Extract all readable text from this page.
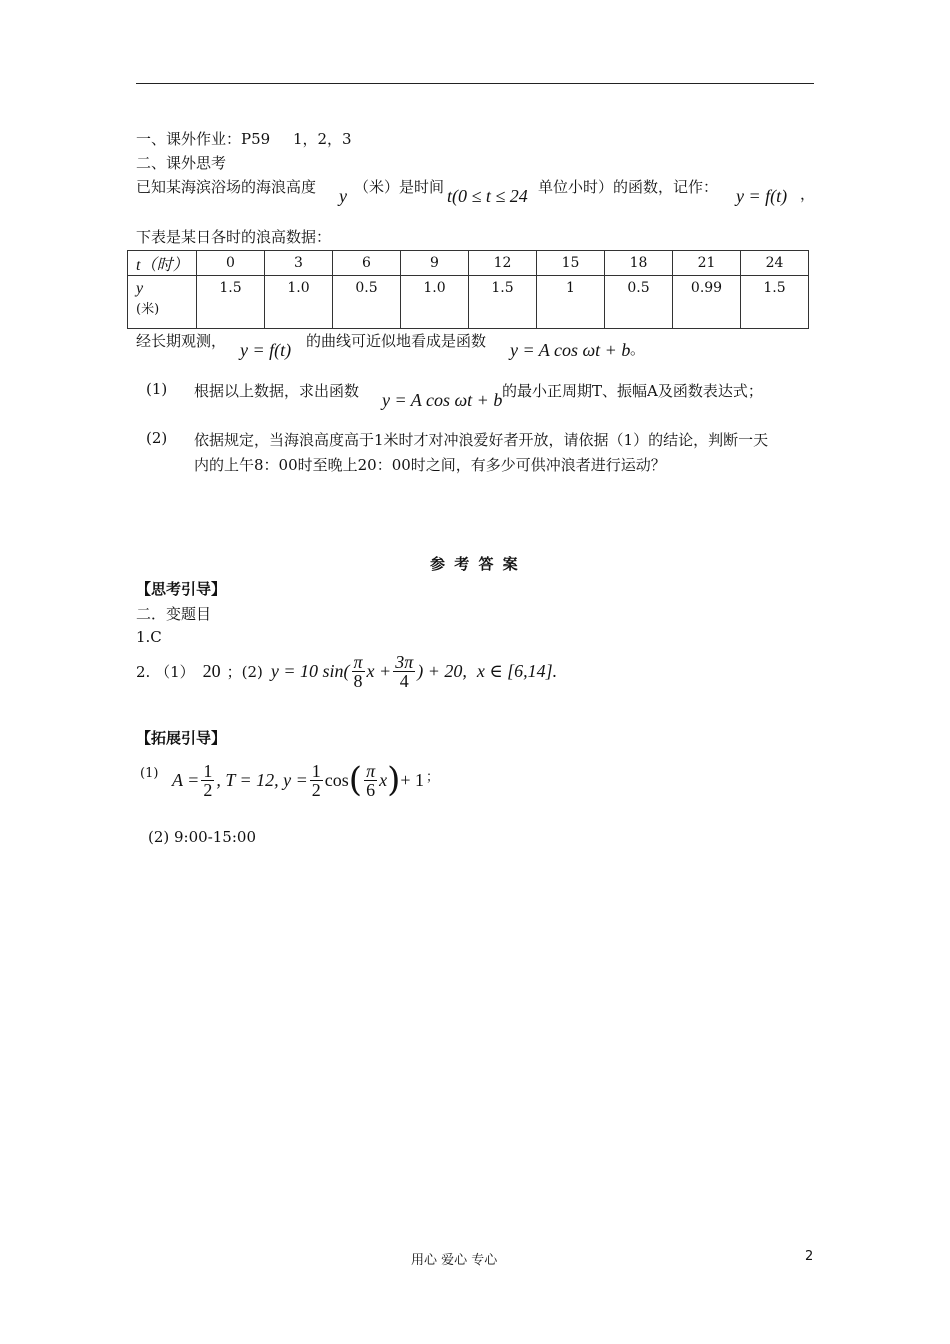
一、课外作业：P59 1，2，3
二、课外思考
已知某海滨浴场的海浪高度 y （米）是时间 t(0 ≤ t ≤ 24 单位小时）的函数，记作： y = f(t) ，
下表是某日各时的浪高数据：
t（时）	0	3	6	9	12	15	18	21	24

y
(米)	1.5	1.0	0.5	1.0	1.5	1	0.5	0.99	1.5
经长期观测， y = f(t) 的曲线可近似地看成是函数 y = A cos ωt + b 。
(1) 根据以上数据，求出函数 y = A cos ωt + b 的最小正周期T、振幅A及函数表达式；
(2) 依据规定，当海浪高度高于1米时才对冲浪爱好者开放，请依据（1）的结论，判断一天
内的上午8：00时至晚上20：00时之间，有多少可供冲浪者进行运动？
参 考 答 案
【思考引导】
二．变题目
1.C
2. （1） 20 ；(2) y = 10 $\sin( \frac{\pi}{8}$ $x + \frac{3\pi}{4}$ ) + 20, x ∈ [6,14].
【拓展引导】
(1) $A = \frac{1}{2}$ , T = 12, $y = \frac{1}{2}$ cos ( $\frac{\pi}{6}$ x ) + 1 ；
(2) 9:00-15:00
用心 爱心 专心	2
